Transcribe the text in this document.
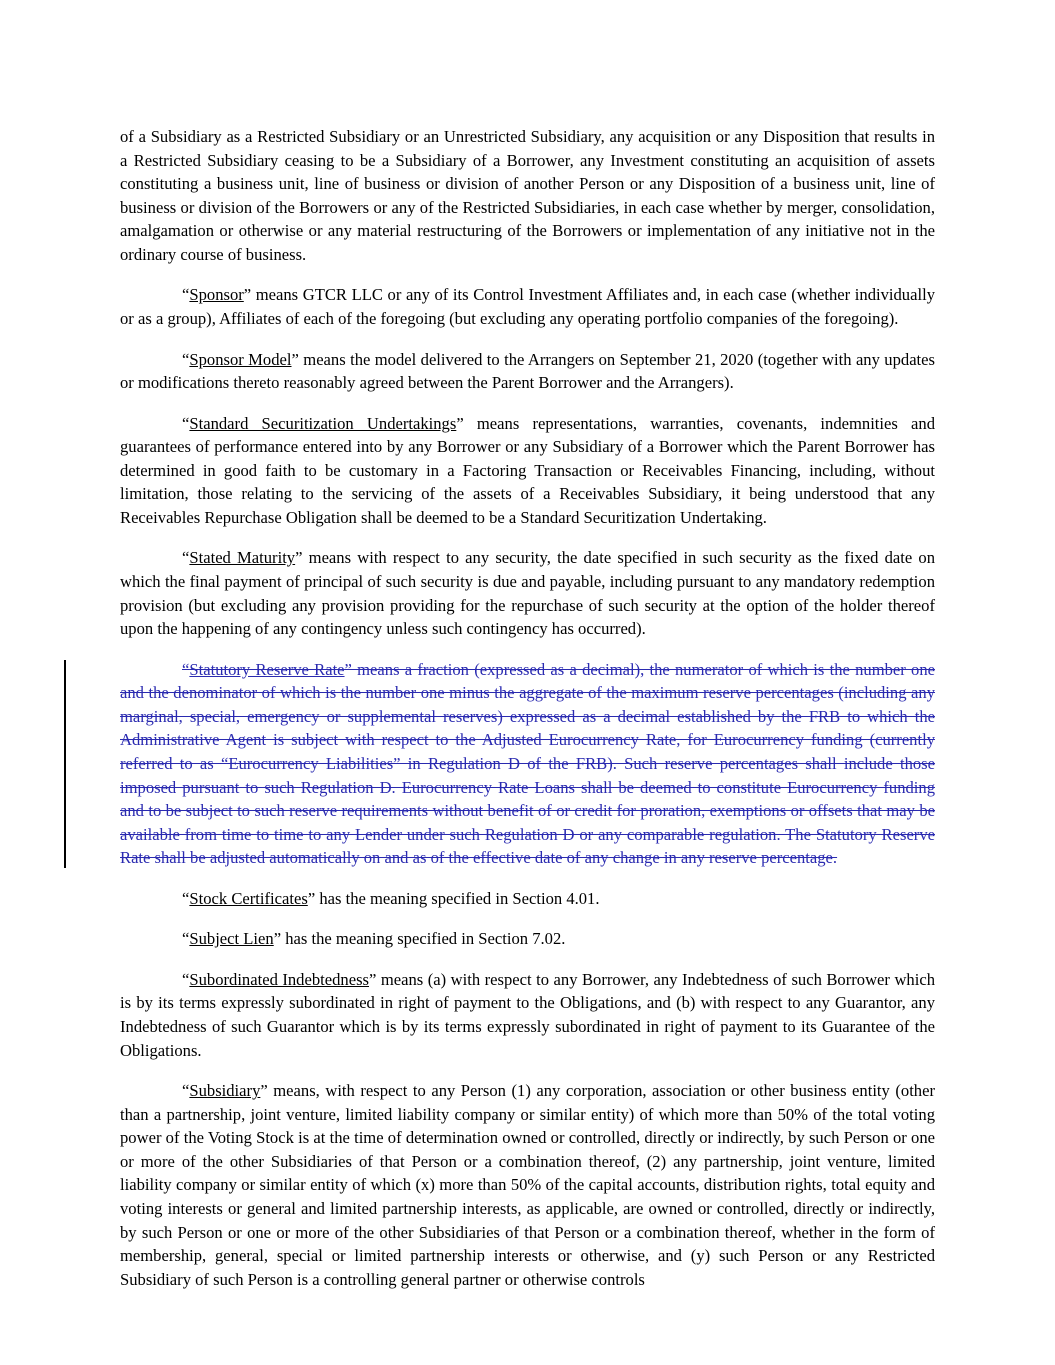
of a Subsidiary as a Restricted Subsidiary or an Unrestricted Subsidiary, any acquisition or any Disposition that results in a Restricted Subsidiary ceasing to be a Subsidiary of a Borrower, any Investment constituting an acquisition of assets constituting a business unit, line of business or division of another Person or any Disposition of a business unit, line of business or division of the Borrowers or any of the Restricted Subsidiaries, in each case whether by merger, consolidation, amalgamation or otherwise or any material restructuring of the Borrowers or implementation of any initiative not in the ordinary course of business.

“Sponsor” means GTCR LLC or any of its Control Investment Affiliates and, in each case (whether individually or as a group), Affiliates of each of the foregoing (but excluding any operating portfolio companies of the foregoing).

“Sponsor Model” means the model delivered to the Arrangers on September 21, 2020 (together with any updates or modifications thereto reasonably agreed between the Parent Borrower and the Arrangers).

“Standard Securitization Undertakings” means representations, warranties, covenants, indemnities and guarantees of performance entered into by any Borrower or any Subsidiary of a Borrower which the Parent Borrower has determined in good faith to be customary in a Factoring Transaction or Receivables Financing, including, without limitation, those relating to the servicing of the assets of a Receivables Subsidiary, it being understood that any Receivables Repurchase Obligation shall be deemed to be a Standard Securitization Undertaking.

“Stated Maturity” means with respect to any security, the date specified in such security as the fixed date on which the final payment of principal of such security is due and payable, including pursuant to any mandatory redemption provision (but excluding any provision providing for the repurchase of such security at the option of the holder thereof upon the happening of any contingency unless such contingency has occurred).

“Statutory Reserve Rate” means a fraction (expressed as a decimal), the numerator of which is the number one and the denominator of which is the number one minus the aggregate of the maximum reserve percentages (including any marginal, special, emergency or supplemental reserves) expressed as a decimal established by the FRB to which the Administrative Agent is subject with respect to the Adjusted Eurocurrency Rate, for Eurocurrency funding (currently referred to as “Eurocurrency Liabilities” in Regulation D of the FRB). Such reserve percentages shall include those imposed pursuant to such Regulation D. Eurocurrency Rate Loans shall be deemed to constitute Eurocurrency funding and to be subject to such reserve requirements without benefit of or credit for proration, exemptions or offsets that may be available from time to time to any Lender under such Regulation D or any comparable regulation. The Statutory Reserve Rate shall be adjusted automatically on and as of the effective date of any change in any reserve percentage.

“Stock Certificates” has the meaning specified in Section 4.01.

“Subject Lien” has the meaning specified in Section 7.02.

“Subordinated Indebtedness” means (a) with respect to any Borrower, any Indebtedness of such Borrower which is by its terms expressly subordinated in right of payment to the Obligations, and (b) with respect to any Guarantor, any Indebtedness of such Guarantor which is by its terms expressly subordinated in right of payment to its Guarantee of the Obligations.

“Subsidiary” means, with respect to any Person (1) any corporation, association or other business entity (other than a partnership, joint venture, limited liability company or similar entity) of which more than 50% of the total voting power of the Voting Stock is at the time of determination owned or controlled, directly or indirectly, by such Person or one or more of the other Subsidiaries of that Person or a combination thereof, (2) any partnership, joint venture, limited liability company or similar entity of which (x) more than 50% of the capital accounts, distribution rights, total equity and voting interests or general and limited partnership interests, as applicable, are owned or controlled, directly or indirectly, by such Person or one or more of the other Subsidiaries of that Person or a combination thereof, whether in the form of membership, general, special or limited partnership interests or otherwise, and (y) such Person or any Restricted Subsidiary of such Person is a controlling general partner or otherwise controls
